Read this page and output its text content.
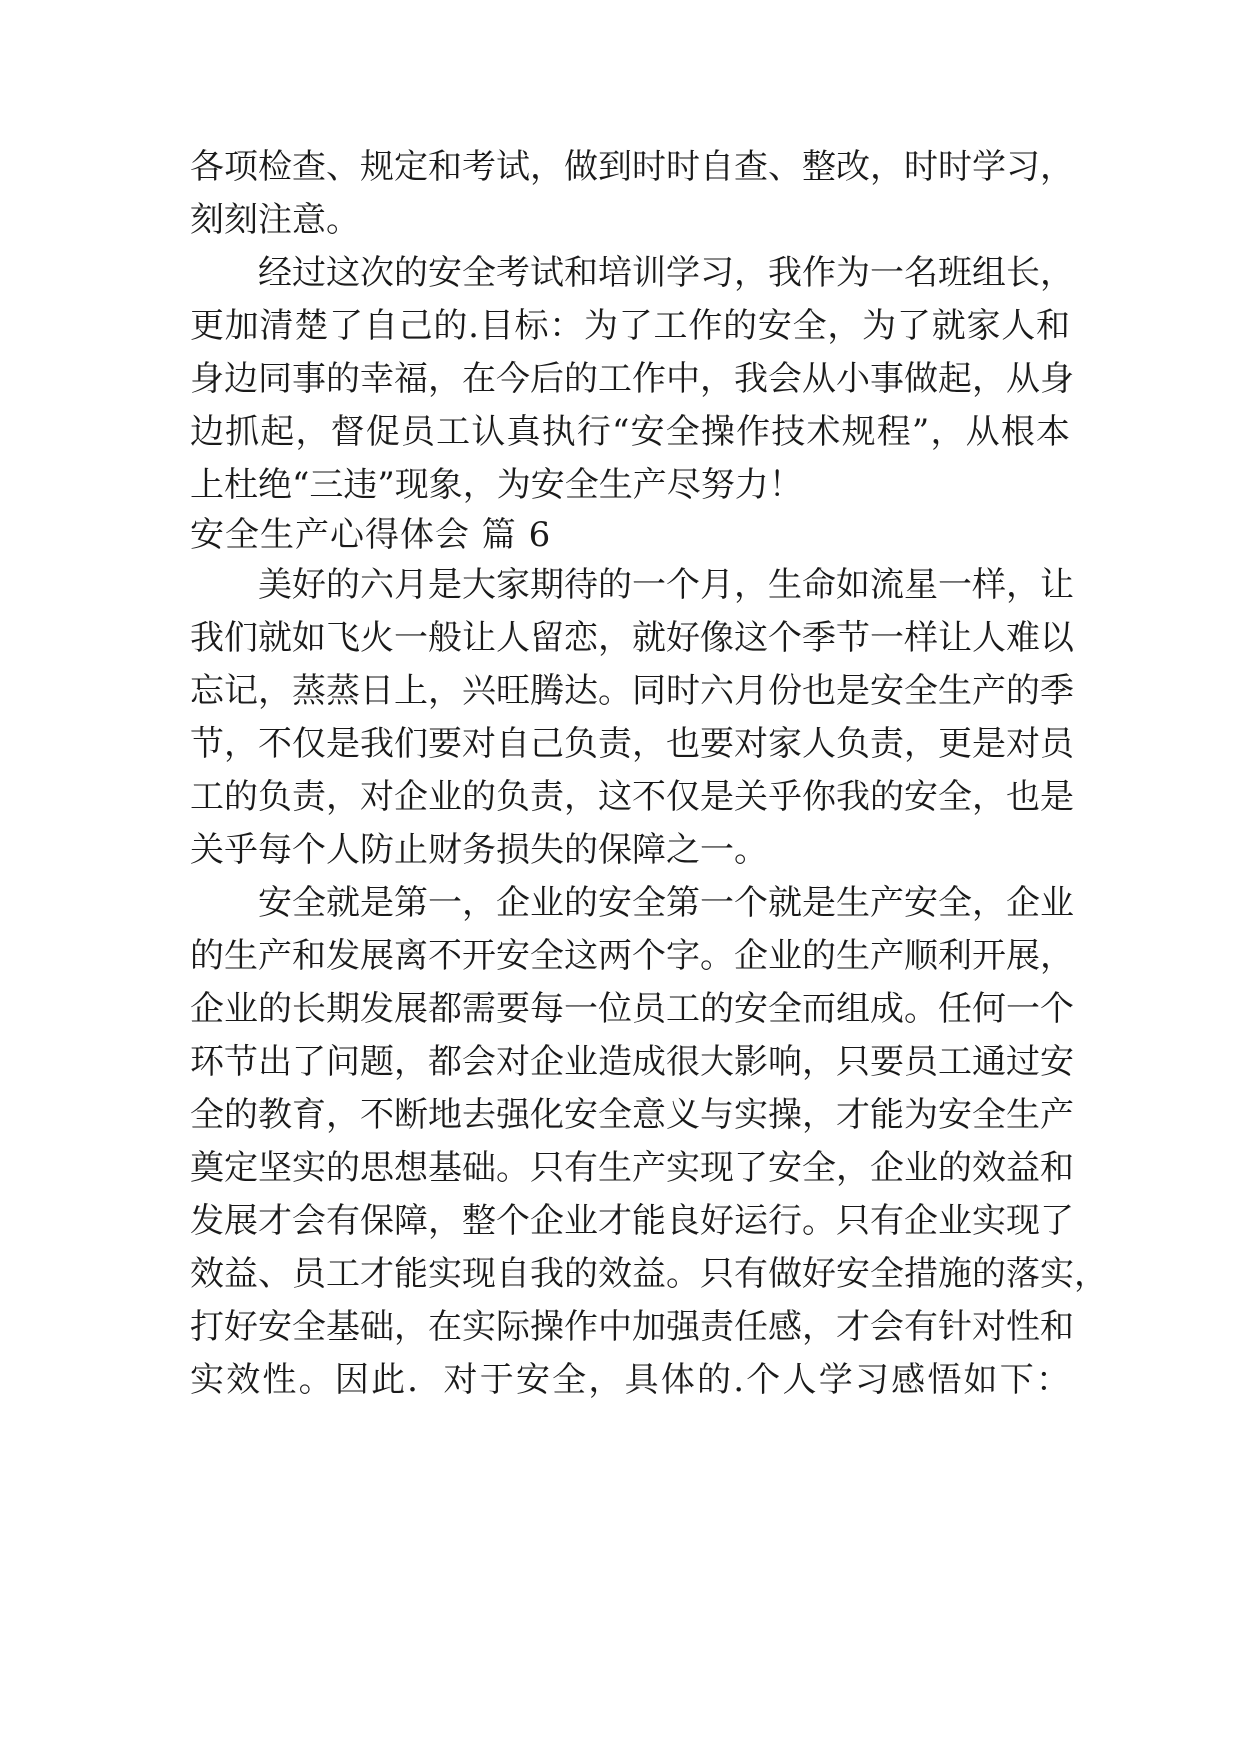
各项检查、规定和考试，做到时时自查、整改，时时学习，
刻刻注意。
经过这次的安全考试和培训学习，我作为一名班组长，
更加清楚了自己的.目标：为了工作的安全，为了就家人和
身边同事的幸福，在今后的工作中，我会从小事做起，从身
边抓起，督促员工认真执行“安全操作技术规程”，从根本
上杜绝“三违”现象，为安全生产尽努力！
安全生产心得体会 篇 6
美好的六月是大家期待的一个月，生命如流星一样，让
我们就如飞火一般让人留恋，就好像这个季节一样让人难以
忘记，蒸蒸日上，兴旺腾达。同时六月份也是安全生产的季
节，不仅是我们要对自己负责，也要对家人负责，更是对员
工的负责，对企业的负责，这不仅是关乎你我的安全，也是
关乎每个人防止财务损失的保障之一。
安全就是第一，企业的安全第一个就是生产安全，企业
的生产和发展离不开安全这两个字。企业的生产顺利开展，
企业的长期发展都需要每一位员工的安全而组成。任何一个
环节出了问题，都会对企业造成很大影响，只要员工通过安
全的教育，不断地去强化安全意义与实操，才能为安全生产
奠定坚实的思想基础。只有生产实现了安全，企业的效益和
发展才会有保障，整个企业才能良好运行。只有企业实现了
效益、员工才能实现自我的效益。只有做好安全措施的落实，
打好安全基础，在实际操作中加强责任感，才会有针对性和
实效性。因此．对于安全，具体的.个人学习感悟如下：
